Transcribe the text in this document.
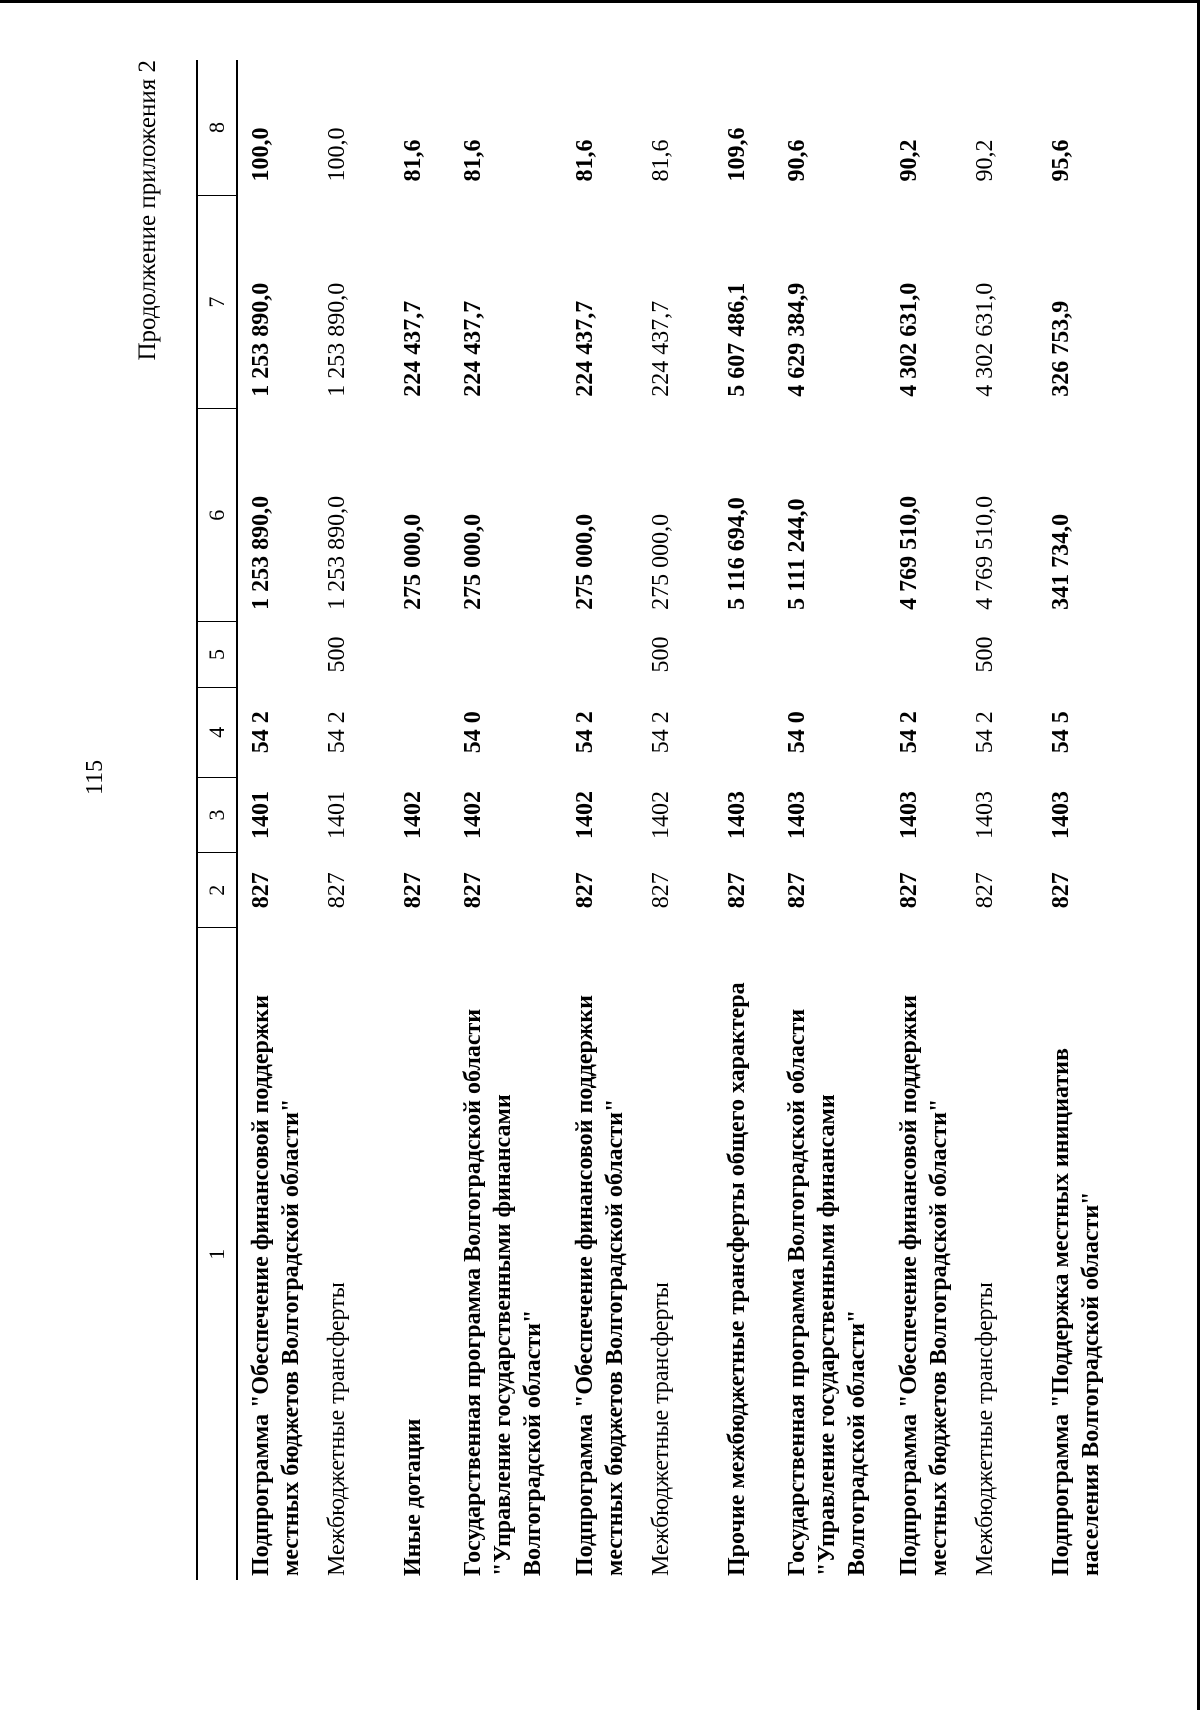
115
Продолжение приложения 2
1	2	3	4	5	6	7	8
Подпрограмма "Обеспечение финансовой поддержки местных бюджетов Волгоградской области"	827	1401	54 2		1 253 890,0	1 253 890,0	100,0
Межбюджетные трансферты	827	1401	54 2	500	1 253 890,0	1 253 890,0	100,0
Иные дотации	827	1402			275 000,0	224 437,7	81,6
Государственная программа Волгоградской области "Управление государственными финансами Волгоградской области"	827	1402	54 0		275 000,0	224 437,7	81,6
Подпрограмма "Обеспечение финансовой поддержки местных бюджетов Волгоградской области"	827	1402	54 2		275 000,0	224 437,7	81,6
Межбюджетные трансферты	827	1402	54 2	500	275 000,0	224 437,7	81,6
Прочие межбюджетные трансферты общего характера	827	1403			5 116 694,0	5 607 486,1	109,6
Государственная программа Волгоградской области "Управление государственными финансами Волгоградской области"	827	1403	54 0		5 111 244,0	4 629 384,9	90,6
Подпрограмма "Обеспечение финансовой поддержки местных бюджетов Волгоградской области"	827	1403	54 2		4 769 510,0	4 302 631,0	90,2
Межбюджетные трансферты	827	1403	54 2	500	4 769 510,0	4 302 631,0	90,2
Подпрограмма "Поддержка местных инициатив населения Волгоградской области"	827	1403	54 5		341 734,0	326 753,9	95,6
